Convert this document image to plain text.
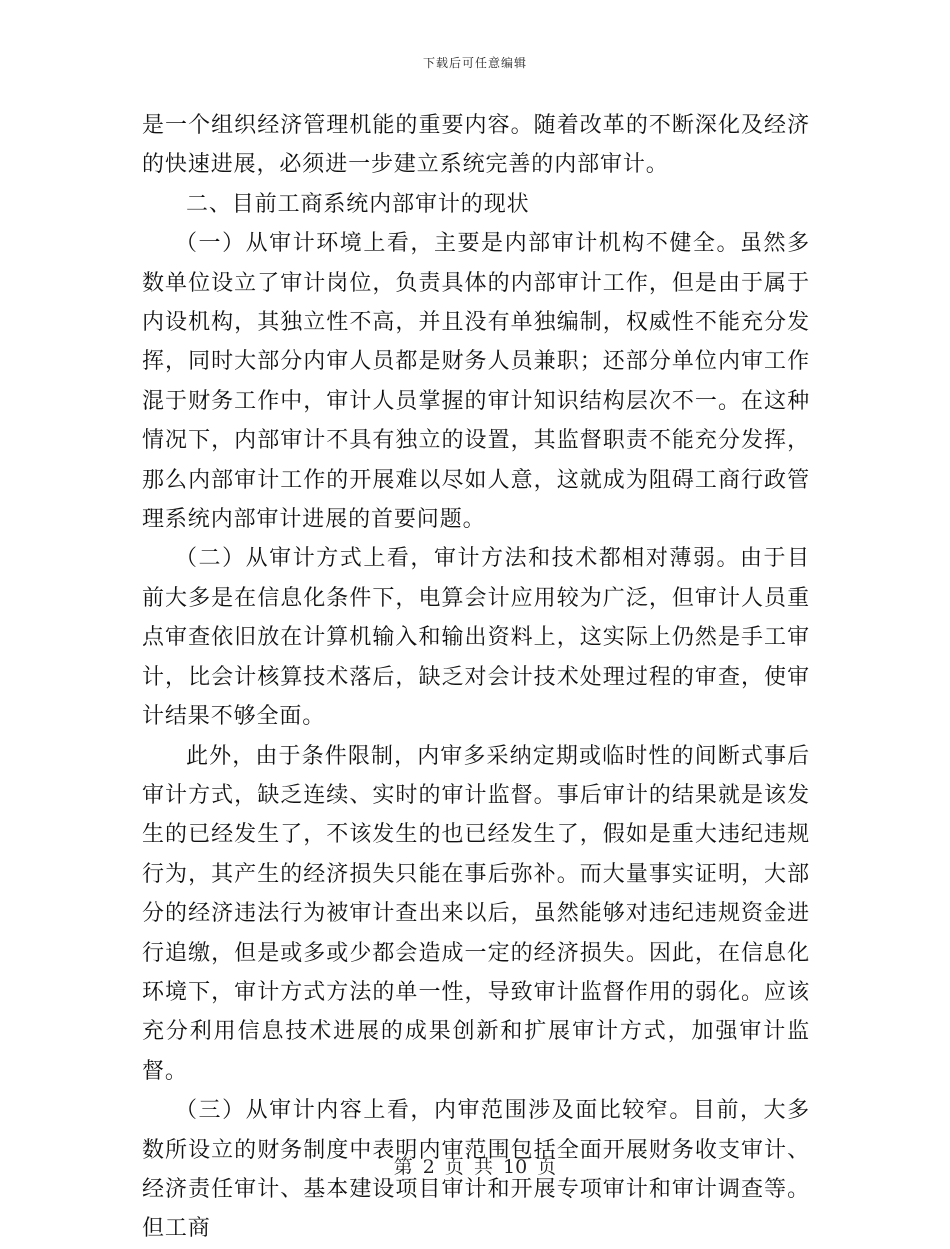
下载后可任意编辑

是一个组织经济管理机能的重要内容。随着改革的不断深化及经济的快速进展，必须进一步建立系统完善的内部审计。

二、目前工商系统内部审计的现状

（一）从审计环境上看，主要是内部审计机构不健全。虽然多数单位设立了审计岗位，负责具体的内部审计工作，但是由于属于内设机构，其独立性不高，并且没有单独编制，权威性不能充分发挥，同时大部分内审人员都是财务人员兼职；还部分单位内审工作混于财务工作中，审计人员掌握的审计知识结构层次不一。在这种情况下，内部审计不具有独立的设置，其监督职责不能充分发挥，那么内部审计工作的开展难以尽如人意，这就成为阻碍工商行政管理系统内部审计进展的首要问题。

（二）从审计方式上看，审计方法和技术都相对薄弱。由于目前大多是在信息化条件下，电算会计应用较为广泛，但审计人员重点审查依旧放在计算机输入和输出资料上，这实际上仍然是手工审计，比会计核算技术落后，缺乏对会计技术处理过程的审查，使审计结果不够全面。

此外，由于条件限制，内审多采纳定期或临时性的间断式事后审计方式，缺乏连续、实时的审计监督。事后审计的结果就是该发生的已经发生了，不该发生的也已经发生了，假如是重大违纪违规行为，其产生的经济损失只能在事后弥补。而大量事实证明，大部分的经济违法行为被审计查出来以后，虽然能够对违纪违规资金进行追缴，但是或多或少都会造成一定的经济损失。因此，在信息化环境下，审计方式方法的单一性，导致审计监督作用的弱化。应该充分利用信息技术进展的成果创新和扩展审计方式，加强审计监督。

（三）从审计内容上看，内审范围涉及面比较窄。目前，大多数所设立的财务制度中表明内审范围包括全面开展财务收支审计、经济责任审计、基本建设项目审计和开展专项审计和审计调查等。但工商

第 2 页 共 10 页
